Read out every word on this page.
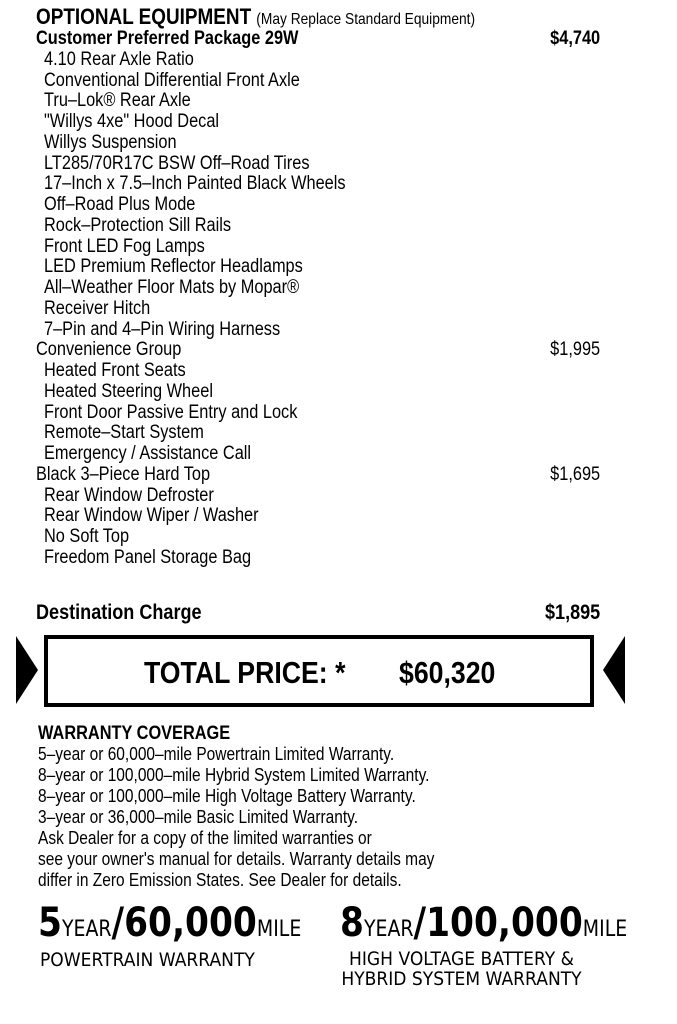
OPTIONAL EQUIPMENT (May Replace Standard Equipment)
Customer Preferred Package 29W	$4,740
4.10 Rear Axle Ratio
Conventional Differential Front Axle
Tru–Lok® Rear Axle
"Willys 4xe" Hood Decal
Willys Suspension
LT285/70R17C BSW Off–Road Tires
17–Inch x 7.5–Inch Painted Black Wheels
Off–Road Plus Mode
Rock–Protection Sill Rails
Front LED Fog Lamps
LED Premium Reflector Headlamps
All–Weather Floor Mats by Mopar®
Receiver Hitch
7–Pin and 4–Pin Wiring Harness
Convenience Group	$1,995
Heated Front Seats
Heated Steering Wheel
Front Door Passive Entry and Lock
Remote–Start System
Emergency / Assistance Call
Black 3–Piece Hard Top	$1,695
Rear Window Defroster
Rear Window Wiper / Washer
No Soft Top
Freedom Panel Storage Bag
Destination Charge	$1,895
TOTAL PRICE: * $60,320
WARRANTY COVERAGE
5–year or 60,000–mile Powertrain Limited Warranty.
8–year or 100,000–mile Hybrid System Limited Warranty.
8–year or 100,000–mile High Voltage Battery Warranty.
3–year or 36,000–mile Basic Limited Warranty.
Ask Dealer for a copy of the limited warranties or
see your owner's manual for details. Warranty details may
differ in Zero Emission States. See Dealer for details.
5YEAR/60,000MILE
POWERTRAIN WARRANTY
8YEAR/100,000MILE
HIGH VOLTAGE BATTERY &
HYBRID SYSTEM WARRANTY
